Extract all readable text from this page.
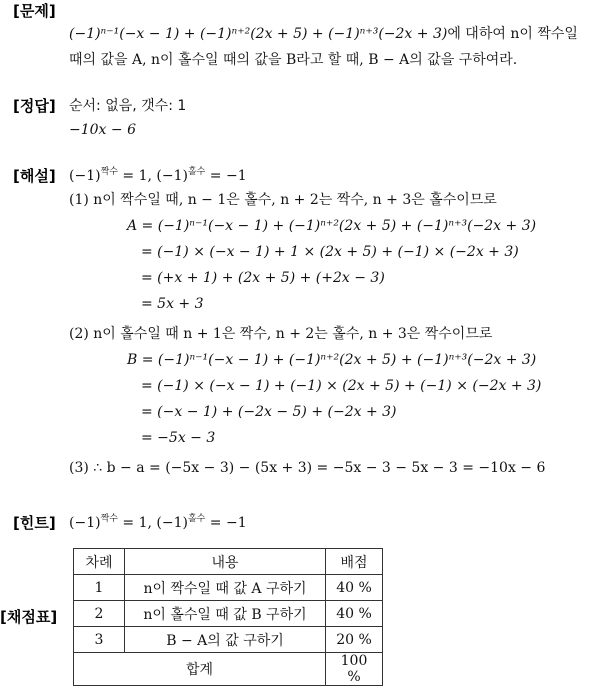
[문제]
[정답]
[해설]
[힌트]
[채점표]
(−1)ⁿ⁻¹(−x − 1) + (−1)ⁿ⁺²(2x + 5) + (−1)ⁿ⁺³(−2x + 3)에 대하여 n이 짝수일
때의 값을 A, n이 홀수일 때의 값을 B라고 할 때, B − A의 값을 구하여라.
순서: 없음, 갯수: 1
−10x − 6
$(-1)^{짝수} = 1$, $(-1)^{홀수} = -1$
(1) n이 짝수일 때, n − 1은 홀수, n + 2는 짝수, n + 3은 홀수이므로
A = (−1)ⁿ⁻¹(−x − 1) + (−1)ⁿ⁺²(2x + 5) + (−1)ⁿ⁺³(−2x + 3)
= (−1) × (−x − 1) + 1 × (2x + 5) + (−1) × (−2x + 3)
= (+x + 1) + (2x + 5) + (+2x − 3)
= 5x + 3
(2) n이 홀수일 때 n + 1은 짝수, n + 2는 홀수, n + 3은 짝수이므로
B = (−1)ⁿ⁻¹(−x − 1) + (−1)ⁿ⁺²(2x + 5) + (−1)ⁿ⁺³(−2x + 3)
= (−1) × (−x − 1) + (−1) × (2x + 5) + (−1) × (−2x + 3)
= (−x − 1) + (−2x − 5) + (−2x + 3)
= −5x − 3
(3) ∴ b − a = (−5x − 3) − (5x + 3) = −5x − 3 − 5x − 3 = −10x − 6
$(-1)^{짝수} = 1$, $(-1)^{홀수} = -1$
차례	내용	배점
1	n이 짝수일 때 값 A 구하기	40 %
2	n이 홀수일 때 값 B 구하기	40 %
3	B − A의 값 구하기	20 %
합계		100 %
